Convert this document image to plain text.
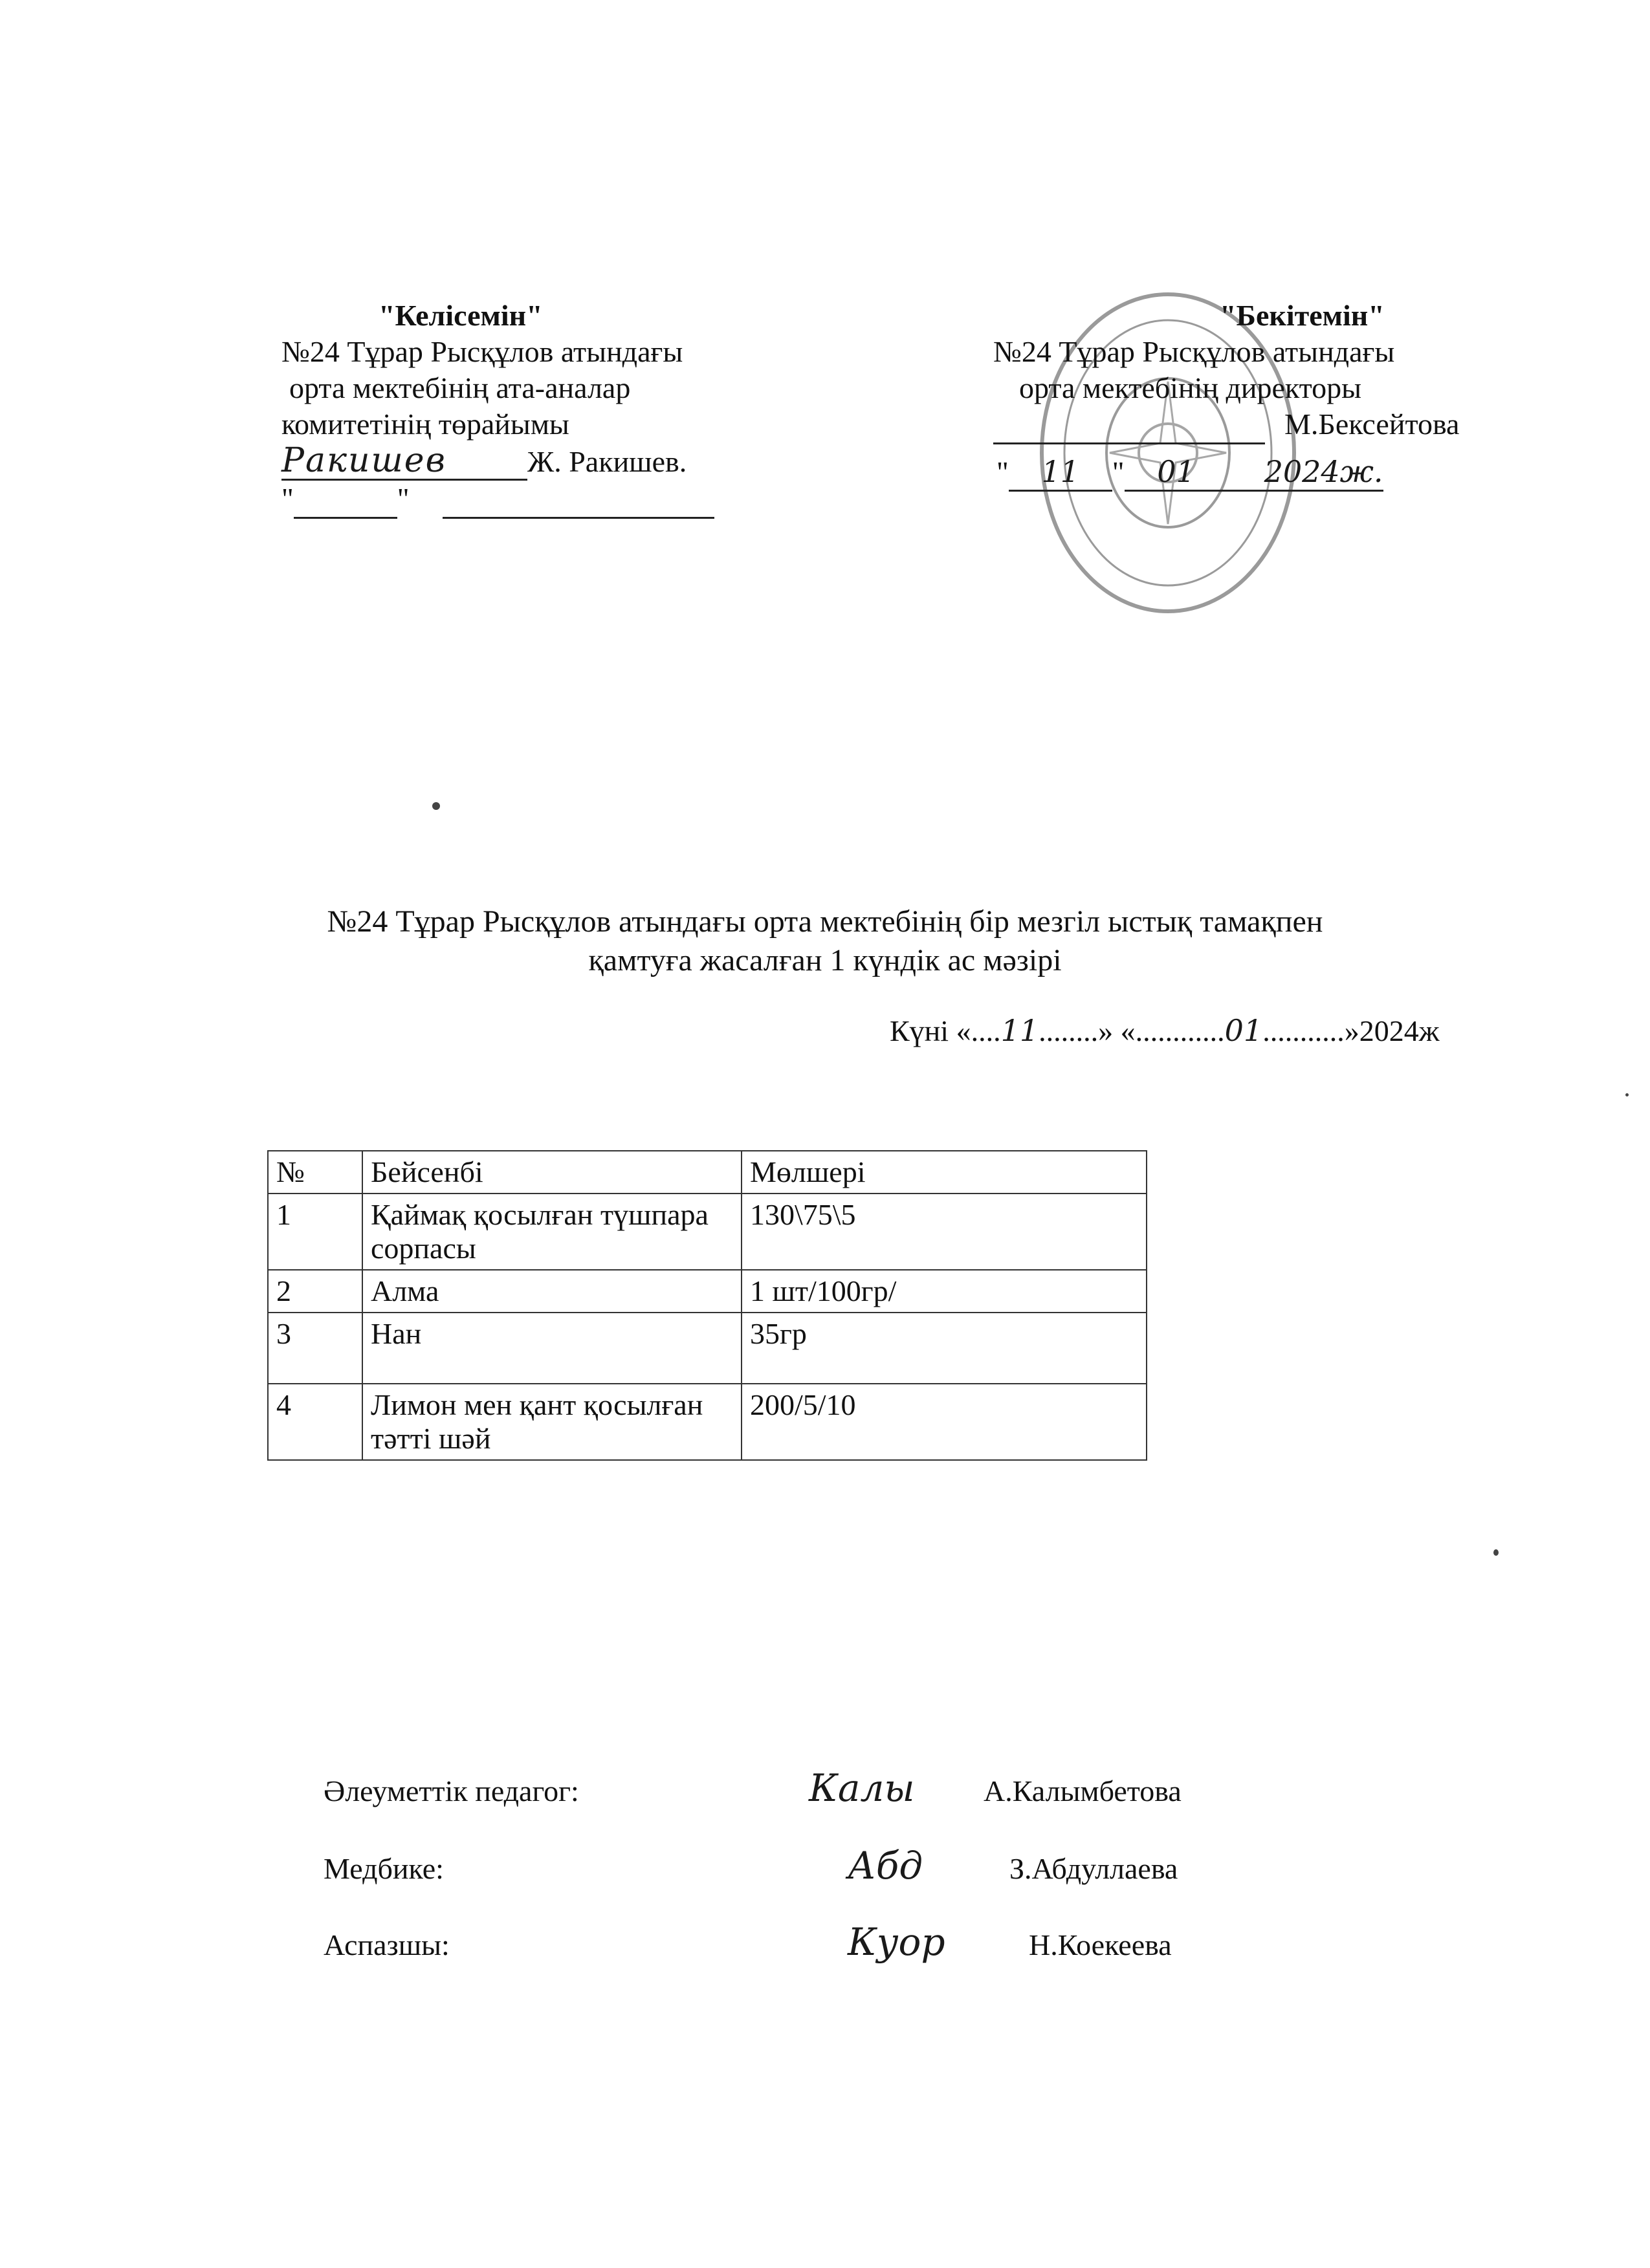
"Келісемін"
№24 Тұрар Рысқұлов атындағы
орта мектебінің ата-аналар
комитетінің төрайымы
Ракишев	Ж. Ракишев.
"	"
"Бекітемін"
№24 Тұрар Рысқұлов атындағы
орта мектебінің директоры
М.Бексейтова
" 11 " 01 2024ж.
№24 Тұрар Рысқұлов атындағы орта мектебінің бір мезгіл ыстық тамақпен
қамтуға жасалған 1 күндік ас мәзірі
Күні «....11........» «............01...........»2024ж
№	Бейсенбі	Мөлшері
1	Қаймақ қосылған түшпара сорпасы	130\75\5
2	Алма	1 шт/100гр/
3	Нан	35гр
4	Лимон мен қант қосылған тәтті шәй	200/5/10
Әлеуметтік педагог:	Калы А.Калымбетова
Медбике:	Абд	З.Абдуллаева
Аспазшы:	Куор	Н.Коекеева
